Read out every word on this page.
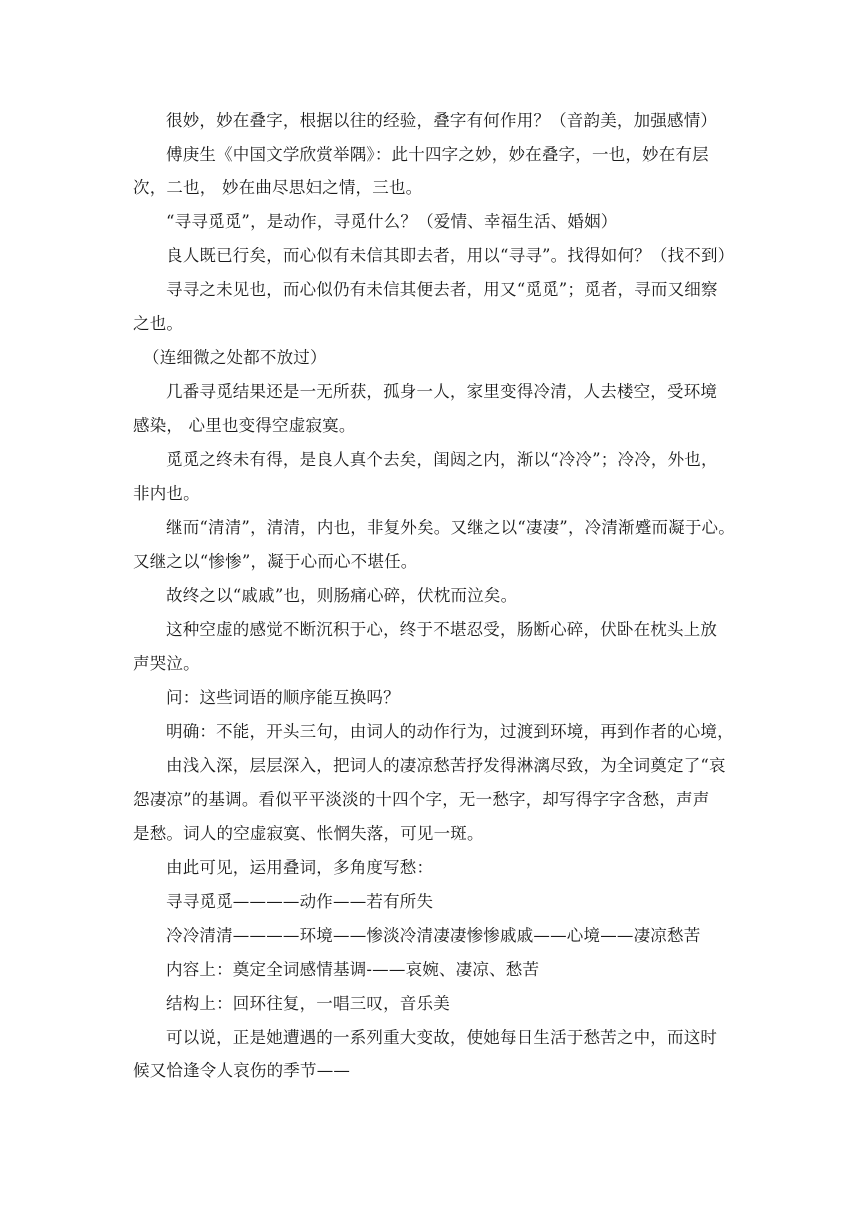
很妙，妙在叠字，根据以往的经验，叠字有何作用？（音韵美，加强感情）
傅庚生《中国文学欣赏举隅》：此十四字之妙，妙在叠字，一也，妙在有层
次，二也， 妙在曲尽思妇之情，三也。
“寻寻觅觅”，是动作，寻觅什么？（爱情、幸福生活、婚姻）
良人既已行矣，而心似有未信其即去者，用以“寻寻”。找得如何？（找不到）
寻寻之未见也，而心似仍有未信其便去者，用又“觅觅”；觅者，寻而又细察
之也。
（连细微之处都不放过）
几番寻觅结果还是一无所获，孤身一人，家里变得冷清，人去楼空，受环境
感染， 心里也变得空虚寂寞。
觅觅之终未有得，是良人真个去矣，闺闼之内，渐以“冷冷”；冷冷，外也，
非内也。
继而“清清”，清清，内也，非复外矣。又继之以“凄凄”，冷清渐蹙而凝于心。
又继之以“惨惨”，凝于心而心不堪任。
故终之以“戚戚”也，则肠痛心碎，伏枕而泣矣。
这种空虚的感觉不断沉积于心，终于不堪忍受，肠断心碎，伏卧在枕头上放
声哭泣。
问：这些词语的顺序能互换吗？
明确：不能，开头三句，由词人的动作行为，过渡到环境，再到作者的心境，
由浅入深，层层深入，把词人的凄凉愁苦抒发得淋漓尽致，为全词奠定了“哀
怨凄凉”的基调。看似平平淡淡的十四个字，无一愁字，却写得字字含愁，声声
是愁。词人的空虚寂寞、怅惘失落，可见一斑。
由此可见，运用叠词，多角度写愁：
寻寻觅觅————动作——若有所失
冷冷清清————环境——惨淡冷清凄凄惨惨戚戚——心境——凄凉愁苦
内容上：奠定全词感情基调-——哀婉、凄凉、愁苦
结构上：回环往复，一唱三叹，音乐美
可以说，正是她遭遇的一系列重大变故，使她每日生活于愁苦之中，而这时
候又恰逢令人哀伤的季节——
